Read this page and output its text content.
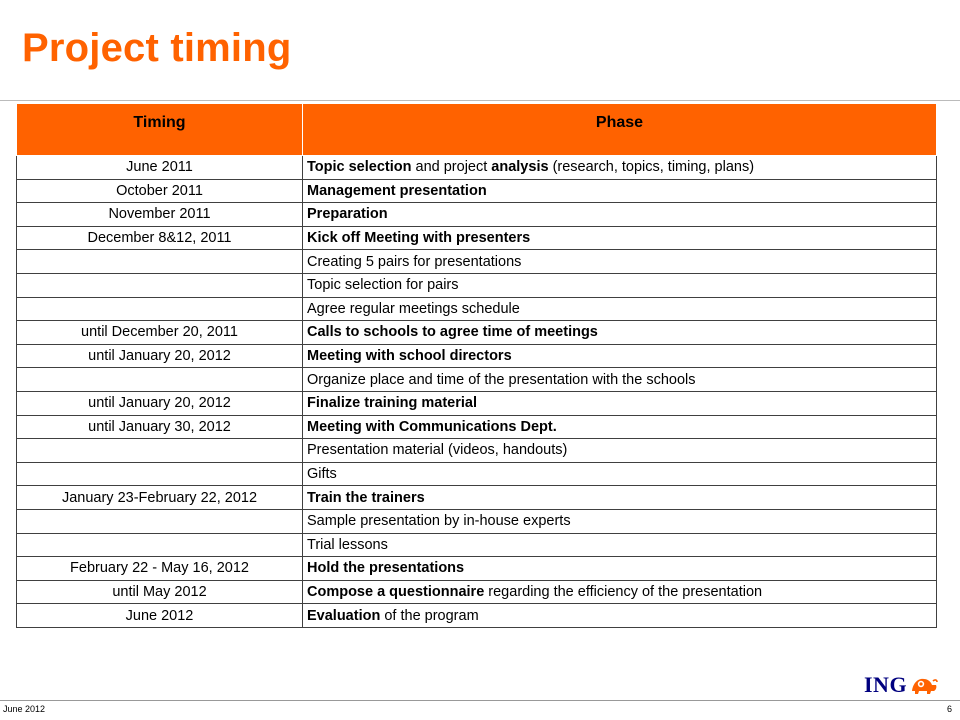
Project timing
Timing	Phase
June 2011	Topic selection and project analysis (research, topics, timing, plans)
October 2011	Management presentation
November 2011	Preparation
December 8&12, 2011	Kick off Meeting with presenters
	Creating 5 pairs for presentations
	Topic selection for pairs
	Agree regular meetings schedule
until December 20, 2011	Calls to schools to agree time of meetings
until January 20, 2012	Meeting with school directors
	Organize place and time of the presentation with the schools
until January 20, 2012	Finalize training material
until January 30, 2012	Meeting with Communications Dept.
	Presentation material (videos, handouts)
	Gifts
January 23-February 22, 2012	Train the trainers
	Sample presentation by in-house experts
	Trial lessons
February 22 - May 16, 2012	Hold the presentations
until May 2012	Compose a questionnaire regarding the efficiency of the presentation
June 2012	Evaluation of the program
ING
June 2012	6
